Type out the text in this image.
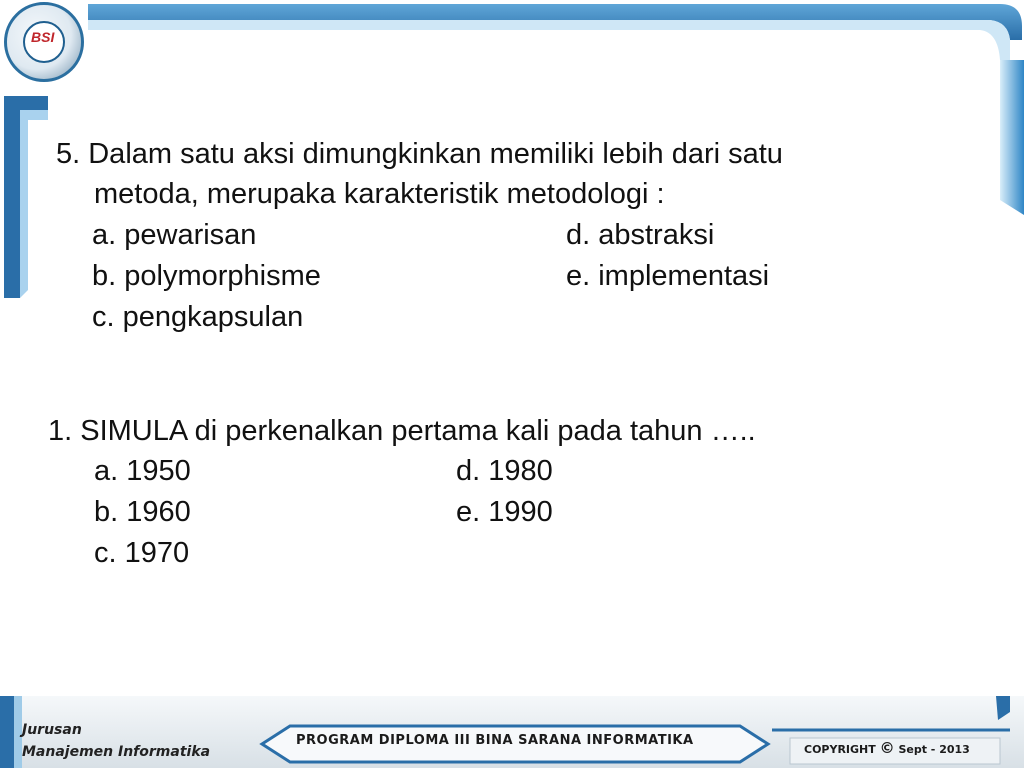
BSI
5. Dalam satu aksi dimungkinkan memiliki lebih dari satu
metoda, merupaka karakteristik metodologi :
a. pewarisan	d. abstraksi
b. polymorphisme	e. implementasi
c. pengkapsulan
1. SIMULA di perkenalkan pertama kali pada tahun …..
a. 1950	d. 1980
b. 1960	e. 1990
c. 1970
Jurusan
Manajemen Informatika
PROGRAM DIPLOMA III BINA SARANA INFORMATIKA
COPYRIGHT © Sept - 2013
